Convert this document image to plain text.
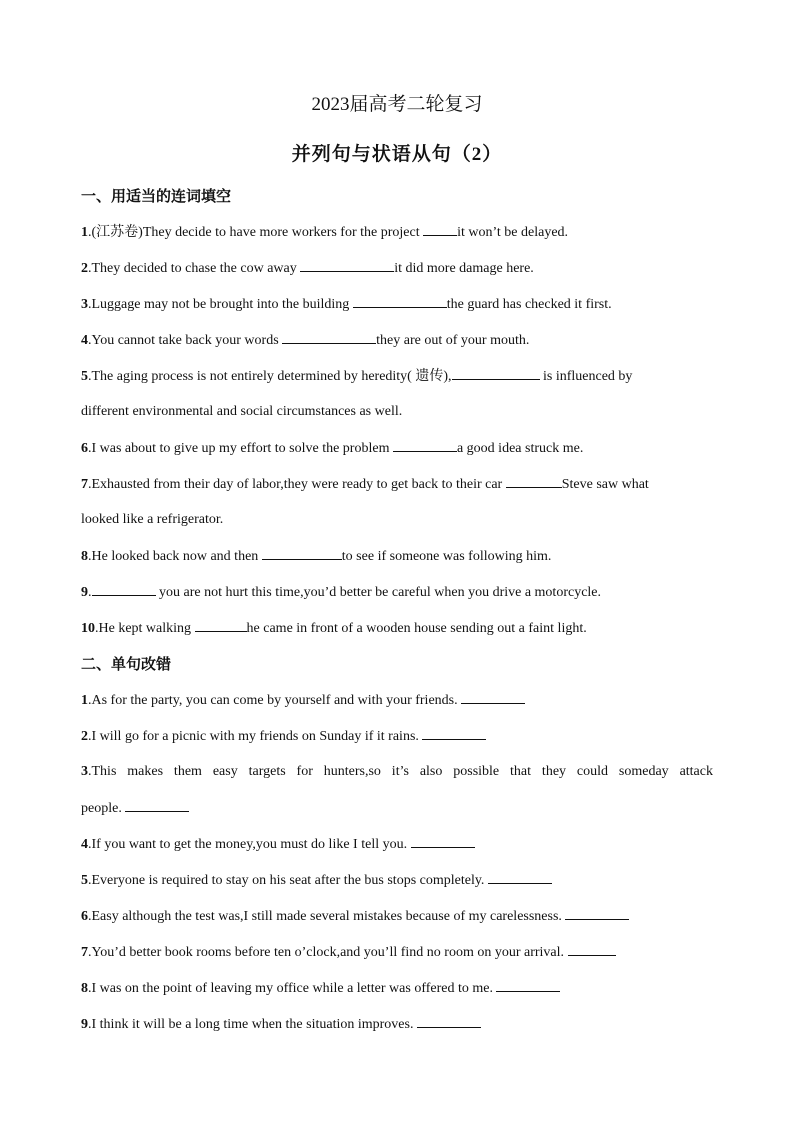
2023届高考二轮复习
并列句与状语从句（2）
一、用适当的连词填空
1.(江苏卷)They decide to have more workers for the project it won’t be delayed.
2.They decided to chase the cow away	it did more damage here.
3.Luggage may not be brought into the building	the guard has checked it first.
4.You cannot take back your words	they are out of your mouth.
5.The aging process is not entirely determined by heredity( 遗传),	is influenced by
different environmental and social circumstances as well.
6.I was about to give up my effort to solve the problem	a good idea struck me.
7.Exhausted from their day of labor,they were ready to get back to their car	Steve saw what
looked like a refrigerator.
8.He looked back now and then	to see if someone was following him.
9.	you are not hurt this time,you’d better be careful when you drive a motorcycle.
10.He kept walking	he came in front of a wooden house sending out a faint light.
二、单句改错
1.As for the party, you can come by yourself and with your friends.
2.I will go for a picnic with my friends on Sunday if it rains.
3.This makes them easy targets for hunters,so it’s also possible that they could someday attack
people.
4.If you want to get the money,you must do like I tell you.
5.Everyone is required to stay on his seat after the bus stops completely.
6.Easy although the test was,I still made several mistakes because of my carelessness.
7.You’d better book rooms before ten o’clock,and you’ll find no room on your arrival.
8.I was on the point of leaving my office while a letter was offered to me.
9.I think it will be a long time when the situation improves.
